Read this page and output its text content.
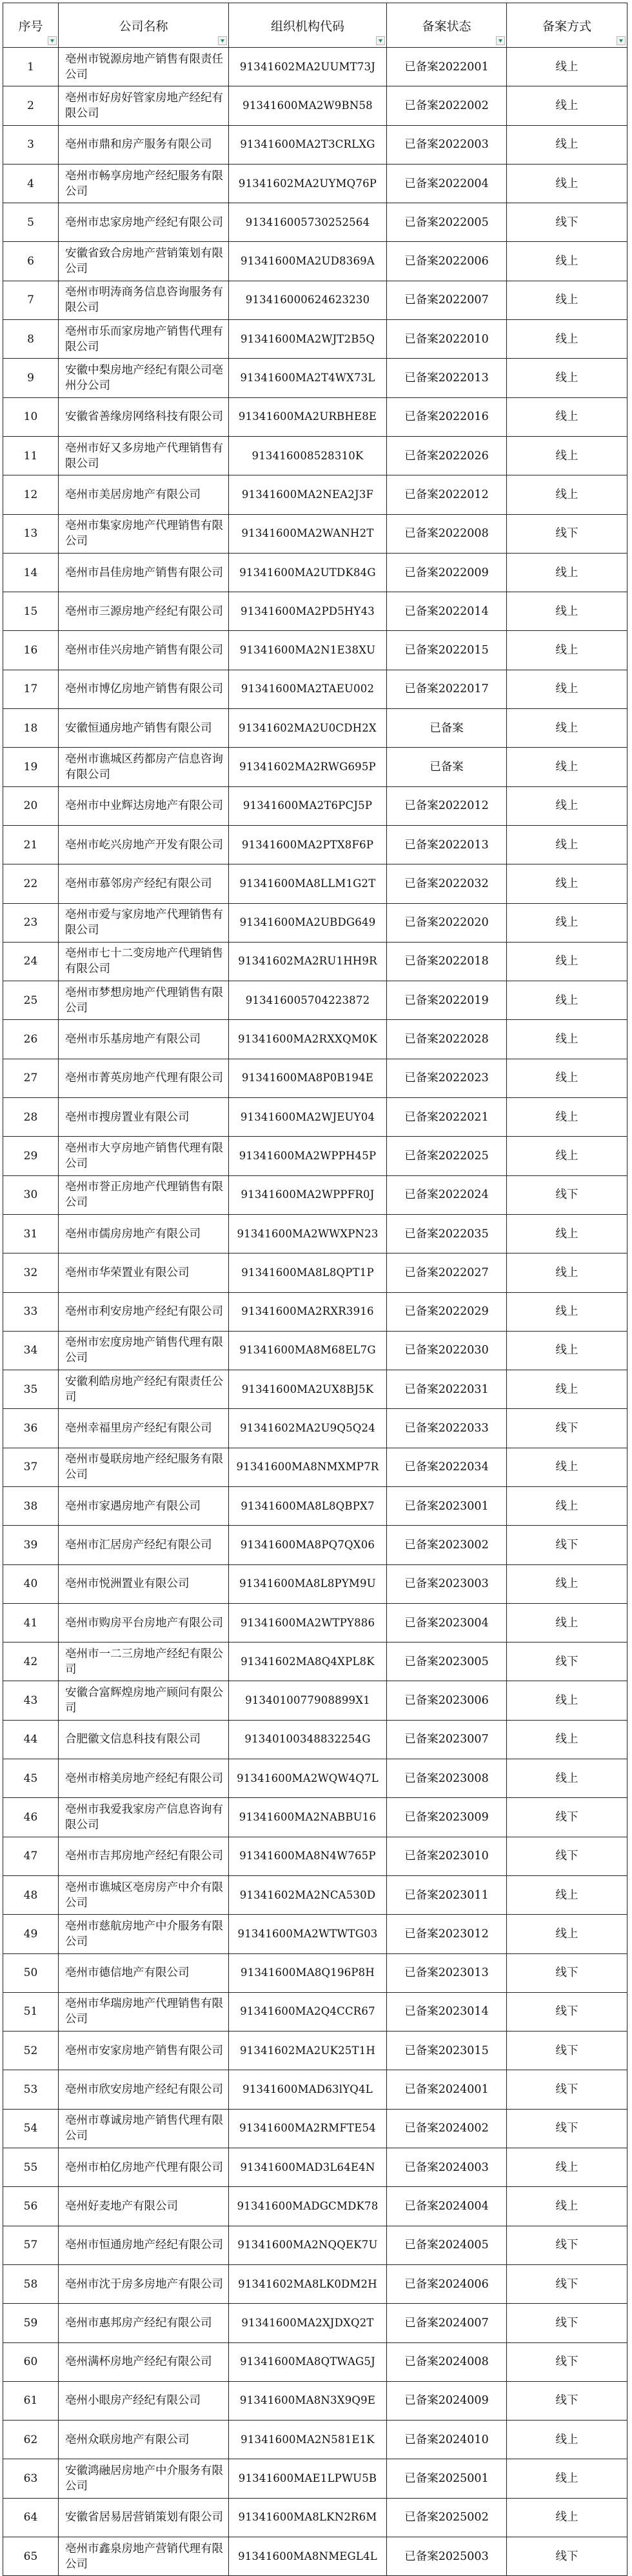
序号	公司名称	组织机构代码	备案状态	备案方式

1	亳州市锐源房地产销售有限责任公司	91341602MA2UUMT73J	已备案2022001	线上
2	亳州市好房好管家房地产经纪有限公司	91341600MA2W9BN58	已备案2022002	线上
3	亳州市鼎和房产服务有限公司	91341600MA2T3CRLXG	已备案2022003	线上
4	亳州市畅享房地产经纪服务有限公司	91341602MA2UYMQ76P	已备案2022004	线上
5	亳州市忠家房地产经纪有限公司	913416005730252564	已备案2022005	线下
6	安徽省致合房地产营销策划有限公司	91341600MA2UD8369A	已备案2022006	线上
7	亳州市明涛商务信息咨询服务有限公司	913416000624623230	已备案2022007	线上
8	亳州市乐而家房地产销售代理有限公司	91341600MA2WJT2B5Q	已备案2022010	线上
9	安徽中梨房地产经纪有限公司亳州分公司	91341600MA2T4WX73L	已备案2022013	线上
10	安徽省善缘房网络科技有限公司	91341600MA2URBHE8E	已备案2022016	线上
11	亳州市好又多房地产代理销售有限公司	913416008528310K	已备案2022026	线上
12	亳州市美居房地产有限公司	91341600MA2NEA2J3F	已备案2022012	线上
13	亳州市集家房地产代理销售有限公司	91341600MA2WANH2T	已备案2022008	线下
14	亳州市昌佳房地产销售有限公司	91341600MA2UTDK84G	已备案2022009	线上
15	亳州市三源房地产经纪有限公司	91341600MA2PD5HY43	已备案2022014	线上
16	亳州市佳兴房地产销售有限公司	91341600MA2N1E38XU	已备案2022015	线上
17	亳州市博亿房地产销售有限公司	91341600MA2TAEU002	已备案2022017	线上
18	安徽恒通房地产销售有限公司	91341602MA2U0CDH2X	已备案	线上
19	亳州市谯城区药都房产信息咨询有限公司	91341602MA2RWG695P	已备案	线上
20	亳州市中业辉达房地产有限公司	91341600MA2T6PCJ5P	已备案2022012	线上
21	亳州市屹兴房地产开发有限公司	91341600MA2PTX8F6P	已备案2022013	线上
22	亳州市慕邻房产经纪有限公司	91341600MA8LLM1G2T	已备案2022032	线上
23	亳州市爱与家房地产代理销售有限公司	91341600MA2UBDG649	已备案2022020	线上
24	亳州市七十二变房地产代理销售有限公司	91341602MA2RU1HH9R	已备案2022018	线上
25	亳州市梦想房地产代理销售有限公司	913416005704223872	已备案2022019	线上
26	亳州市乐基房地产有限公司	91341600MA2RXXQM0K	已备案2022028	线上
27	亳州市菁英房地产代理有限公司	91341600MA8P0B194E	已备案2022023	线上
28	亳州市搜房置业有限公司	91341600MA2WJEUY04	已备案2022021	线上
29	亳州市大亨房地产销售代理有限公司	91341600MA2WPPH45P	已备案2022025	线上
30	亳州市誉正房地产代理销售有限公司	91341600MA2WPPFR0J	已备案2022024	线下
31	亳州市儒房房地产有限公司	91341600MA2WWXPN23	已备案2022035	线上
32	亳州市华荣置业有限公司	91341600MA8L8QPT1P	已备案2022027	线上
33	亳州市利安房地产经纪有限公司	91341600MA2RXR3916	已备案2022029	线上
34	亳州市宏度房地产销售代理有限公司	91341600MA8M68EL7G	已备案2022030	线上
35	安徽利皓房地产经纪有限责任公司	91341600MA2UX8BJ5K	已备案2022031	线上
36	亳州幸福里房产经纪有限公司	91341602MA2U9Q5Q24	已备案2022033	线下
37	亳州市曼联房地产经纪服务有限公司	91341600MA8NMXMP7R	已备案2022034	线上
38	亳州市家遇房地产有限公司	91341600MA8L8QBPX7	已备案2023001	线上
39	亳州市汇居房产经纪有限公司	91341600MA8PQ7QX06	已备案2023002	线下
40	亳州市悦洲置业有限公司	91341600MA8L8PYM9U	已备案2023003	线上
41	亳州市购房平台房地产有限公司	91341600MA2WTPY886	已备案2023004	线上
42	亳州市一二三房地产经纪有限公司	91341602MA8Q4XPL8K	已备案2023005	线下
43	安徽合富辉煌房地产顾问有限公司	9134010077908899X1	已备案2023006	线上
44	合肥徽文信息科技有限公司	91340100348832254G	已备案2023007	线上
45	亳州市榕美房地产经纪有限公司	91341600MA2WQW4Q7L	已备案2023008	线上
46	亳州市我爱我家房产信息咨询有限公司	91341600MA2NABBU16	已备案2023009	线下
47	亳州市吉邦房地产经纪有限公司	91341600MA8N4W765P	已备案2023010	线下
48	亳州市谯城区亳房房产中介有限公司	91341602MA2NCA530D	已备案2023011	线上
49	亳州市慈航房地产中介服务有限公司	91341600MA2WTWTG03	已备案2023012	线上
50	亳州市德信地产有限公司	91341600MA8Q196P8H	已备案2023013	线下
51	亳州市华瑞房地产代理销售有限公司	91341600MA2Q4CCR67	已备案2023014	线下
52	亳州市安家房地产销售有限公司	91341602MA2UK25T1H	已备案2023015	线下
53	亳州市欣安房地产经纪有限公司	91341600MAD63lYQ4L	已备案2024001	线下
54	亳州市尊诚房地产销售代理有限公司	91341600MA2RMFTE54	已备案2024002	线下
55	亳州市柏亿房地产代理有限公司	91341600MAD3L64E4N	已备案2024003	线上
56	亳州好麦地产有限公司	91341600MADGCMDK78	已备案2024004	线上
57	亳州市恒通房地产经纪有限公司	91341600MA2NQQEK7U	已备案2024005	线下
58	亳州市沈于房多房地产有限公司	91341602MA8LK0DM2H	已备案2024006	线下
59	亳州市惠邦房产经纪有限公司	91341600MA2XJDXQ2T	已备案2024007	线下
60	亳州满杯房地产经纪有限公司	91341600MA8QTWAG5J	已备案2024008	线下
61	亳州小眼房产经纪有限公司	91341600MA8N3X9Q9E	已备案2024009	线下
62	亳州众联房地产有限公司	91341600MA2N581E1K	已备案2024010	线上
63	安徽鸿融居房地产中介服务有限公司	91341600MAE1LPWU5B	已备案2025001	线上
64	安徽省居易居营销策划有限公司	91341600MA8LKN2R6M	已备案2025002	线上
65	亳州市鑫泉房地产营销代理有限公司	91341600MA8NMEGL4L	已备案2025003	线下
